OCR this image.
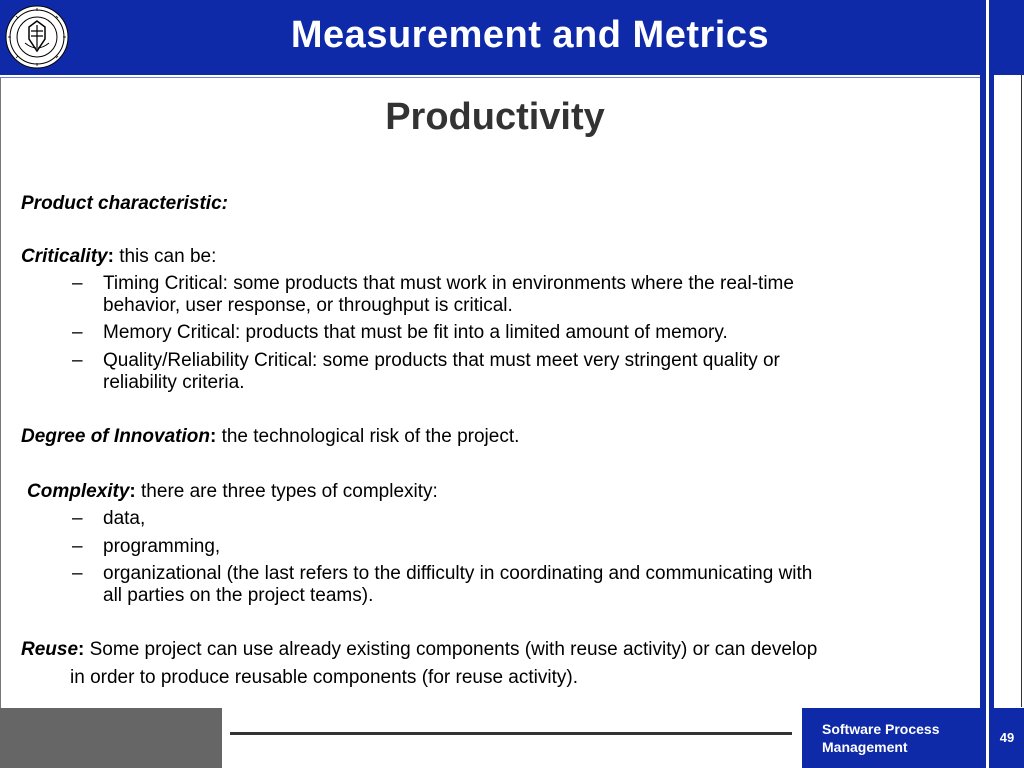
Measurement and Metrics
Productivity
Product characteristic:
Criticality: this can be:
– Timing Critical: some products that must work in environments where the real-time
behavior, user response, or throughput is critical.
– Memory Critical: products that must be fit into a limited amount of memory.
– Quality/Reliability Critical: some products that must meet very stringent quality or
reliability criteria.
Degree of Innovation: the technological risk of the project.
Complexity: there are three types of complexity:
– data,
– programming,
– organizational (the last refers to the difficulty in coordinating and communicating with
all parties on the project teams).
Reuse: Some project can use already existing components (with reuse activity) or can develop
in order to produce reusable components (for reuse activity).
Software Process
Management
49
